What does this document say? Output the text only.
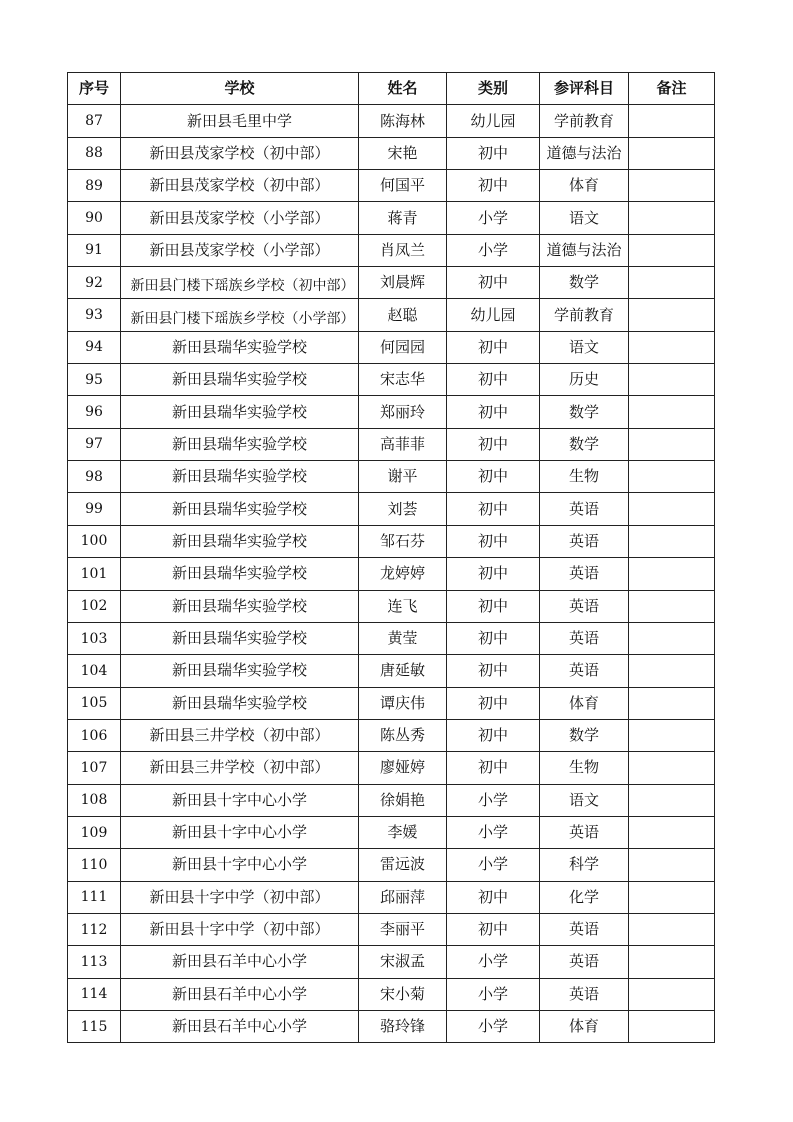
序号	学校	姓名	类别	参评科目	备注
87	新田县毛里中学	陈海林	幼儿园	学前教育	
88	新田县茂家学校（初中部）	宋艳	初中	道德与法治	
89	新田县茂家学校（初中部）	何国平	初中	体育	
90	新田县茂家学校（小学部）	蒋青	小学	语文	
91	新田县茂家学校（小学部）	肖凤兰	小学	道德与法治	
92	新田县门楼下瑶族乡学校（初中部）	刘晨辉	初中	数学	
93	新田县门楼下瑶族乡学校（小学部）	赵聪	幼儿园	学前教育	
94	新田县瑞华实验学校	何园园	初中	语文	
95	新田县瑞华实验学校	宋志华	初中	历史	
96	新田县瑞华实验学校	郑丽玲	初中	数学	
97	新田县瑞华实验学校	高菲菲	初中	数学	
98	新田县瑞华实验学校	谢平	初中	生物	
99	新田县瑞华实验学校	刘荟	初中	英语	
100	新田县瑞华实验学校	邹石芬	初中	英语	
101	新田县瑞华实验学校	龙婷婷	初中	英语	
102	新田县瑞华实验学校	连飞	初中	英语	
103	新田县瑞华实验学校	黄莹	初中	英语	
104	新田县瑞华实验学校	唐延敏	初中	英语	
105	新田县瑞华实验学校	谭庆伟	初中	体育	
106	新田县三井学校（初中部）	陈丛秀	初中	数学	
107	新田县三井学校（初中部）	廖娅婷	初中	生物	
108	新田县十字中心小学	徐娟艳	小学	语文	
109	新田县十字中心小学	李媛	小学	英语	
110	新田县十字中心小学	雷远波	小学	科学	
111	新田县十字中学（初中部）	邱丽萍	初中	化学	
112	新田县十字中学（初中部）	李丽平	初中	英语	
113	新田县石羊中心小学	宋淑孟	小学	英语	
114	新田县石羊中心小学	宋小菊	小学	英语	
115	新田县石羊中心小学	骆玲锋	小学	体育	
